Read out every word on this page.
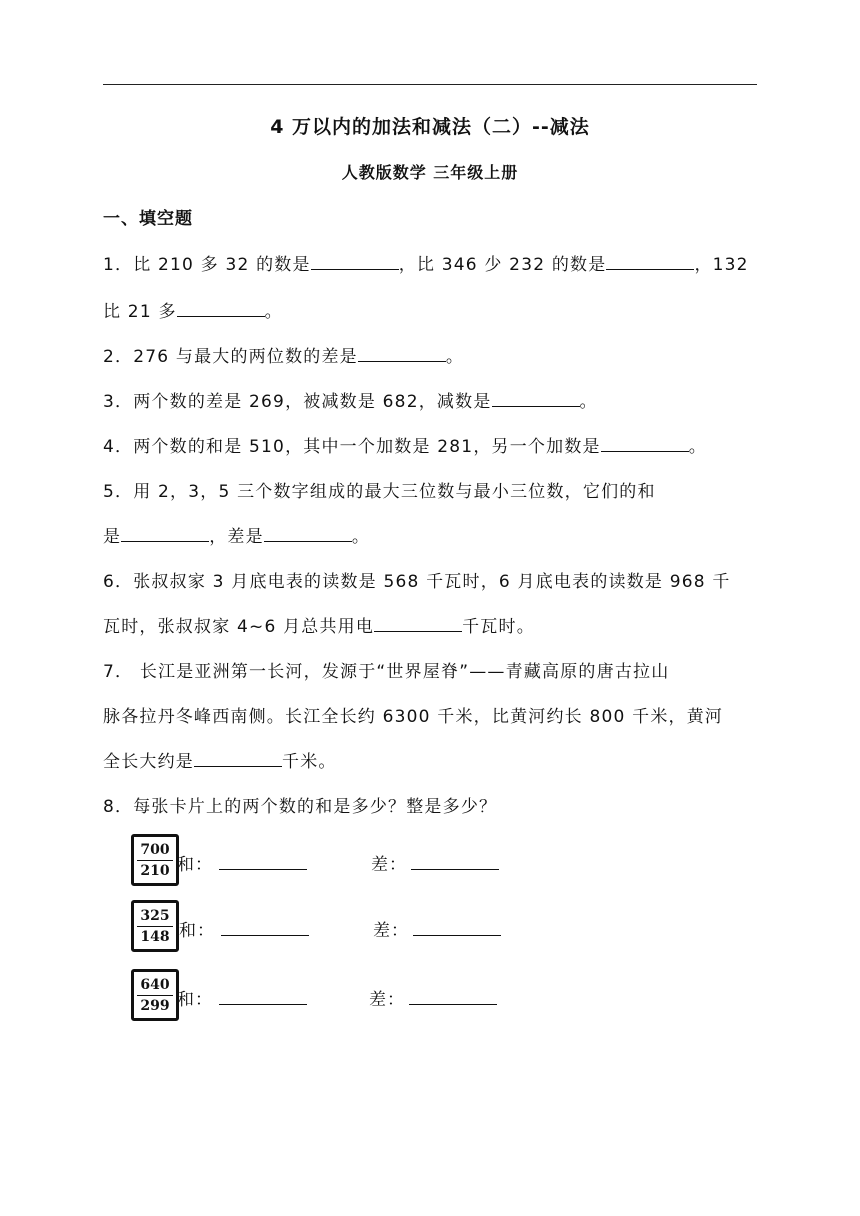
4 万以内的加法和减法（二）--减法
人教版数学 三年级上册
一、填空题
1．比 210 多 32 的数是	，比 346 少 232 的数是	，132
比 21 多	。
2．276 与最大的两位数的差是	。
3．两个数的差是 269，被减数是 682，减数是	。
4．两个数的和是 510，其中一个加数是 281，另一个加数是	。
5．用 2，3，5 三个数字组成的最大三位数与最小三位数，它们的和
是	，差是	。
6．张叔叔家 3 月底电表的读数是 568 千瓦时，6 月底电表的读数是 968 千
瓦时，张叔叔家 4~6 月总共用电	千瓦时。
7． 长江是亚洲第一长河，发源于“世界屋脊”——青藏高原的唐古拉山
脉各拉丹冬峰西南侧。长江全长约 6300 千米，比黄河约长 800 千米，黄河
全长大约是	千米。
8．每张卡片上的两个数的和是多少？整是多少？
700
210 和：	差：
325
148 和：	差：
640
299 和：	差：
